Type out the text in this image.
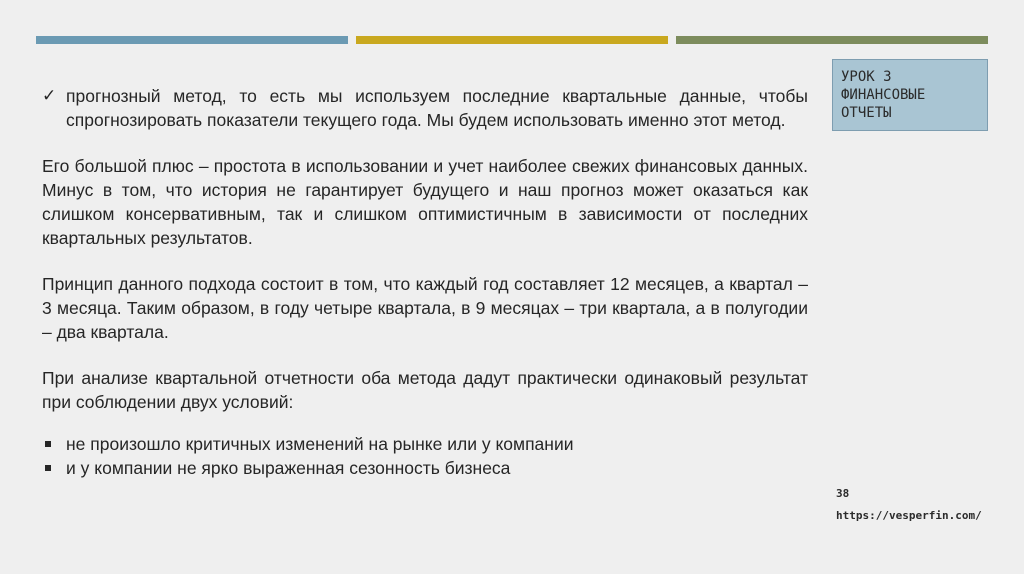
УРОК 3
ФИНАНСОВЫЕ
ОТЧЕТЫ
✓ прогнозный метод, то есть мы используем последние квартальные данные, чтобы спрогнозировать показатели текущего года. Мы будем использовать именно этот метод.

Его большой плюс – простота в использовании и учет наиболее свежих финансовых данных. Минус в том, что история не гарантирует будущего и наш прогноз может оказаться как слишком консервативным, так и слишком оптимистичным в зависимости от последних квартальных результатов.

Принцип данного подхода состоит в том, что каждый год составляет 12 месяцев, а квартал – 3 месяца. Таким образом, в году четыре квартала, в 9 месяцах – три квартала, а в полугодии – два квартала.

При анализе квартальной отчетности оба метода дадут практически одинаковый результат при соблюдении двух условий:

не произошло критичных изменений на рынке или у компании
и у компании не ярко выраженная сезонность бизнеса
38
https://vesperfin.com/
